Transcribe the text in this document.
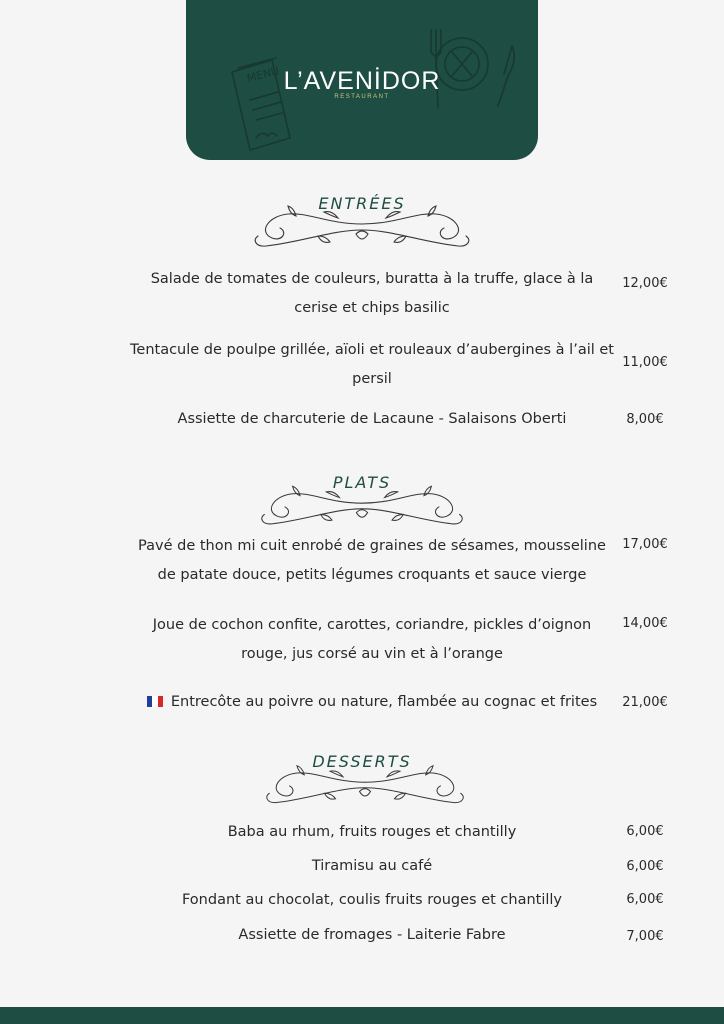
MENU L’AVENİDOR
RESTAURANT
ENTRÉES
Salade de tomates de couleurs, buratta à la truffe, glace à la
cerise et chips basilic
12,00€
Tentacule de poulpe grillée, aïoli et rouleaux d’aubergines à l’ail et
persil
11,00€
Assiette de charcuterie de Lacaune - Salaisons Oberti	8,00€
PLATS
Pavé de thon mi cuit enrobé de graines de sésames, mousseline
de patate douce, petits légumes croquants et sauce vierge
17,00€
Joue de cochon confite, carottes, coriandre, pickles d’oignon
rouge, jus corsé au vin et à l’orange
14,00€
Entrecôte au poivre ou nature, flambée au cognac et frites	21,00€
DESSERTS
Baba au rhum, fruits rouges et chantilly	6,00€
Tiramisu au café	6,00€
Fondant au chocolat, coulis fruits rouges et chantilly	6,00€
Assiette de fromages - Laiterie Fabre	7,00€
